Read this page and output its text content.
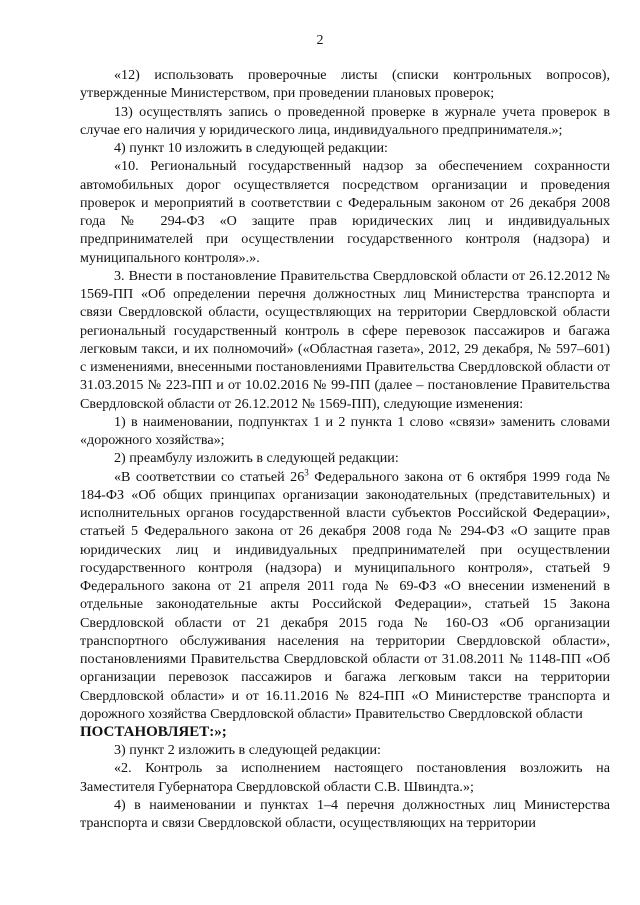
2

«12) использовать проверочные листы (списки контрольных вопросов), утвержденные Министерством, при проведении плановых проверок;

13) осуществлять запись о проведенной проверке в журнале учета проверок в случае его наличия у юридического лица, индивидуального предпринимателя.»;

4) пункт 10 изложить в следующей редакции:

«10. Региональный государственный надзор за обеспечением сохранности автомобильных дорог осуществляется посредством организации и проведения проверок и мероприятий в соответствии с Федеральным законом от 26 декабря 2008 года № 294-ФЗ «О защите прав юридических лиц и индивидуальных предпринимателей при осуществлении государственного контроля (надзора) и муниципального контроля».».

3. Внести в постановление Правительства Свердловской области от 26.12.2012 № 1569-ПП «Об определении перечня должностных лиц Министерства транспорта и связи Свердловской области, осуществляющих на территории Свердловской области региональный государственный контроль в сфере перевозок пассажиров и багажа легковым такси, и их полномочий» («Областная газета», 2012, 29 декабря, № 597–601) с изменениями, внесенными постановлениями Правительства Свердловской области от 31.03.2015 № 223-ПП и от 10.02.2016 № 99-ПП (далее – постановление Правительства Свердловской области от 26.12.2012 № 1569-ПП), следующие изменения:

1) в наименовании, подпунктах 1 и 2 пункта 1 слово «связи» заменить словами «дорожного хозяйства»;

2) преамбулу изложить в следующей редакции:

«В соответствии со статьей $26^3$ Федерального закона от 6 октября 1999 года № 184-ФЗ «Об общих принципах организации законодательных (представительных) и исполнительных органов государственной власти субъектов Российской Федерации», статьей 5 Федерального закона от 26 декабря 2008 года № 294-ФЗ «О защите прав юридических лиц и индивидуальных предпринимателей при осуществлении государственного контроля (надзора) и муниципального контроля», статьей 9 Федерального закона от 21 апреля 2011 года № 69-ФЗ «О внесении изменений в отдельные законодательные акты Российской Федерации», статьей 15 Закона Свердловской области от 21 декабря 2015 года № 160-ОЗ «Об организации транспортного обслуживания населения на территории Свердловской области», постановлениями Правительства Свердловской области от 31.08.2011 № 1148-ПП «Об организации перевозок пассажиров и багажа легковым такси на территории Свердловской области» и от 16.11.2016 № 824-ПП «О Министерстве транспорта и дорожного хозяйства Свердловской области» Правительство Свердловской области

ПОСТАНОВЛЯЕТ:»;

3) пункт 2 изложить в следующей редакции:

«2. Контроль за исполнением настоящего постановления возложить на Заместителя Губернатора Свердловской области С.В. Швиндта.»;

4) в наименовании и пунктах 1–4 перечня должностных лиц Министерства транспорта и связи Свердловской области, осуществляющих на территории
